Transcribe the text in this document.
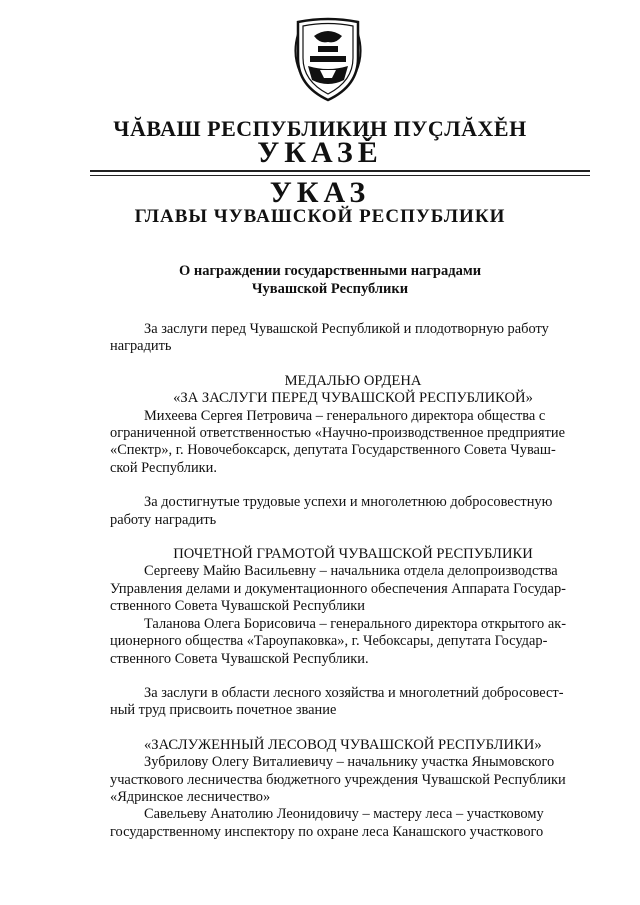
ЧĂВАШ РЕСПУБЛИКИН ПУÇЛĂХĚН
УКАЗĚ
УКАЗ
ГЛАВЫ ЧУВАШСКОЙ РЕСПУБЛИКИ
О награждении государственными наградами
Чувашской Республики

За заслуги перед Чувашской Республикой и плодотворную работу

наградить

МЕДАЛЬЮ ОРДЕНА

«ЗА ЗАСЛУГИ ПЕРЕД ЧУВАШСКОЙ РЕСПУБЛИКОЙ»

Михеева Сергея Петровича – генерального директора общества с

ограниченной ответственностью «Научно-производственное предприятие

«Спектр», г. Новочебоксарск, депутата Государственного Совета Чуваш-

ской Республики.

За достигнутые трудовые успехи и многолетнюю добросовестную

работу наградить

ПОЧЕТНОЙ ГРАМОТОЙ ЧУВАШСКОЙ РЕСПУБЛИКИ

Сергееву Майю Васильевну – начальника отдела делопроизводства

Управления делами и документационного обеспечения Аппарата Государ-

ственного Совета Чувашской Республики

Таланова Олега Борисовича – генерального директора открытого ак-

ционерного общества «Тароупаковка», г. Чебоксары, депутата Государ-

ственного Совета Чувашской Республики.

За заслуги в области лесного хозяйства и многолетний добросовест-

ный труд присвоить почетное звание

«ЗАСЛУЖЕННЫЙ ЛЕСОВОД ЧУВАШСКОЙ РЕСПУБЛИКИ»

Зубрилову Олегу Виталиевичу – начальнику участка Янымовского

участкового лесничества бюджетного учреждения Чувашской Республики

«Ядринское лесничество»

Савельеву Анатолию Леонидовичу – мастеру леса – участковому

государственному инспектору по охране леса Канашского участкового
